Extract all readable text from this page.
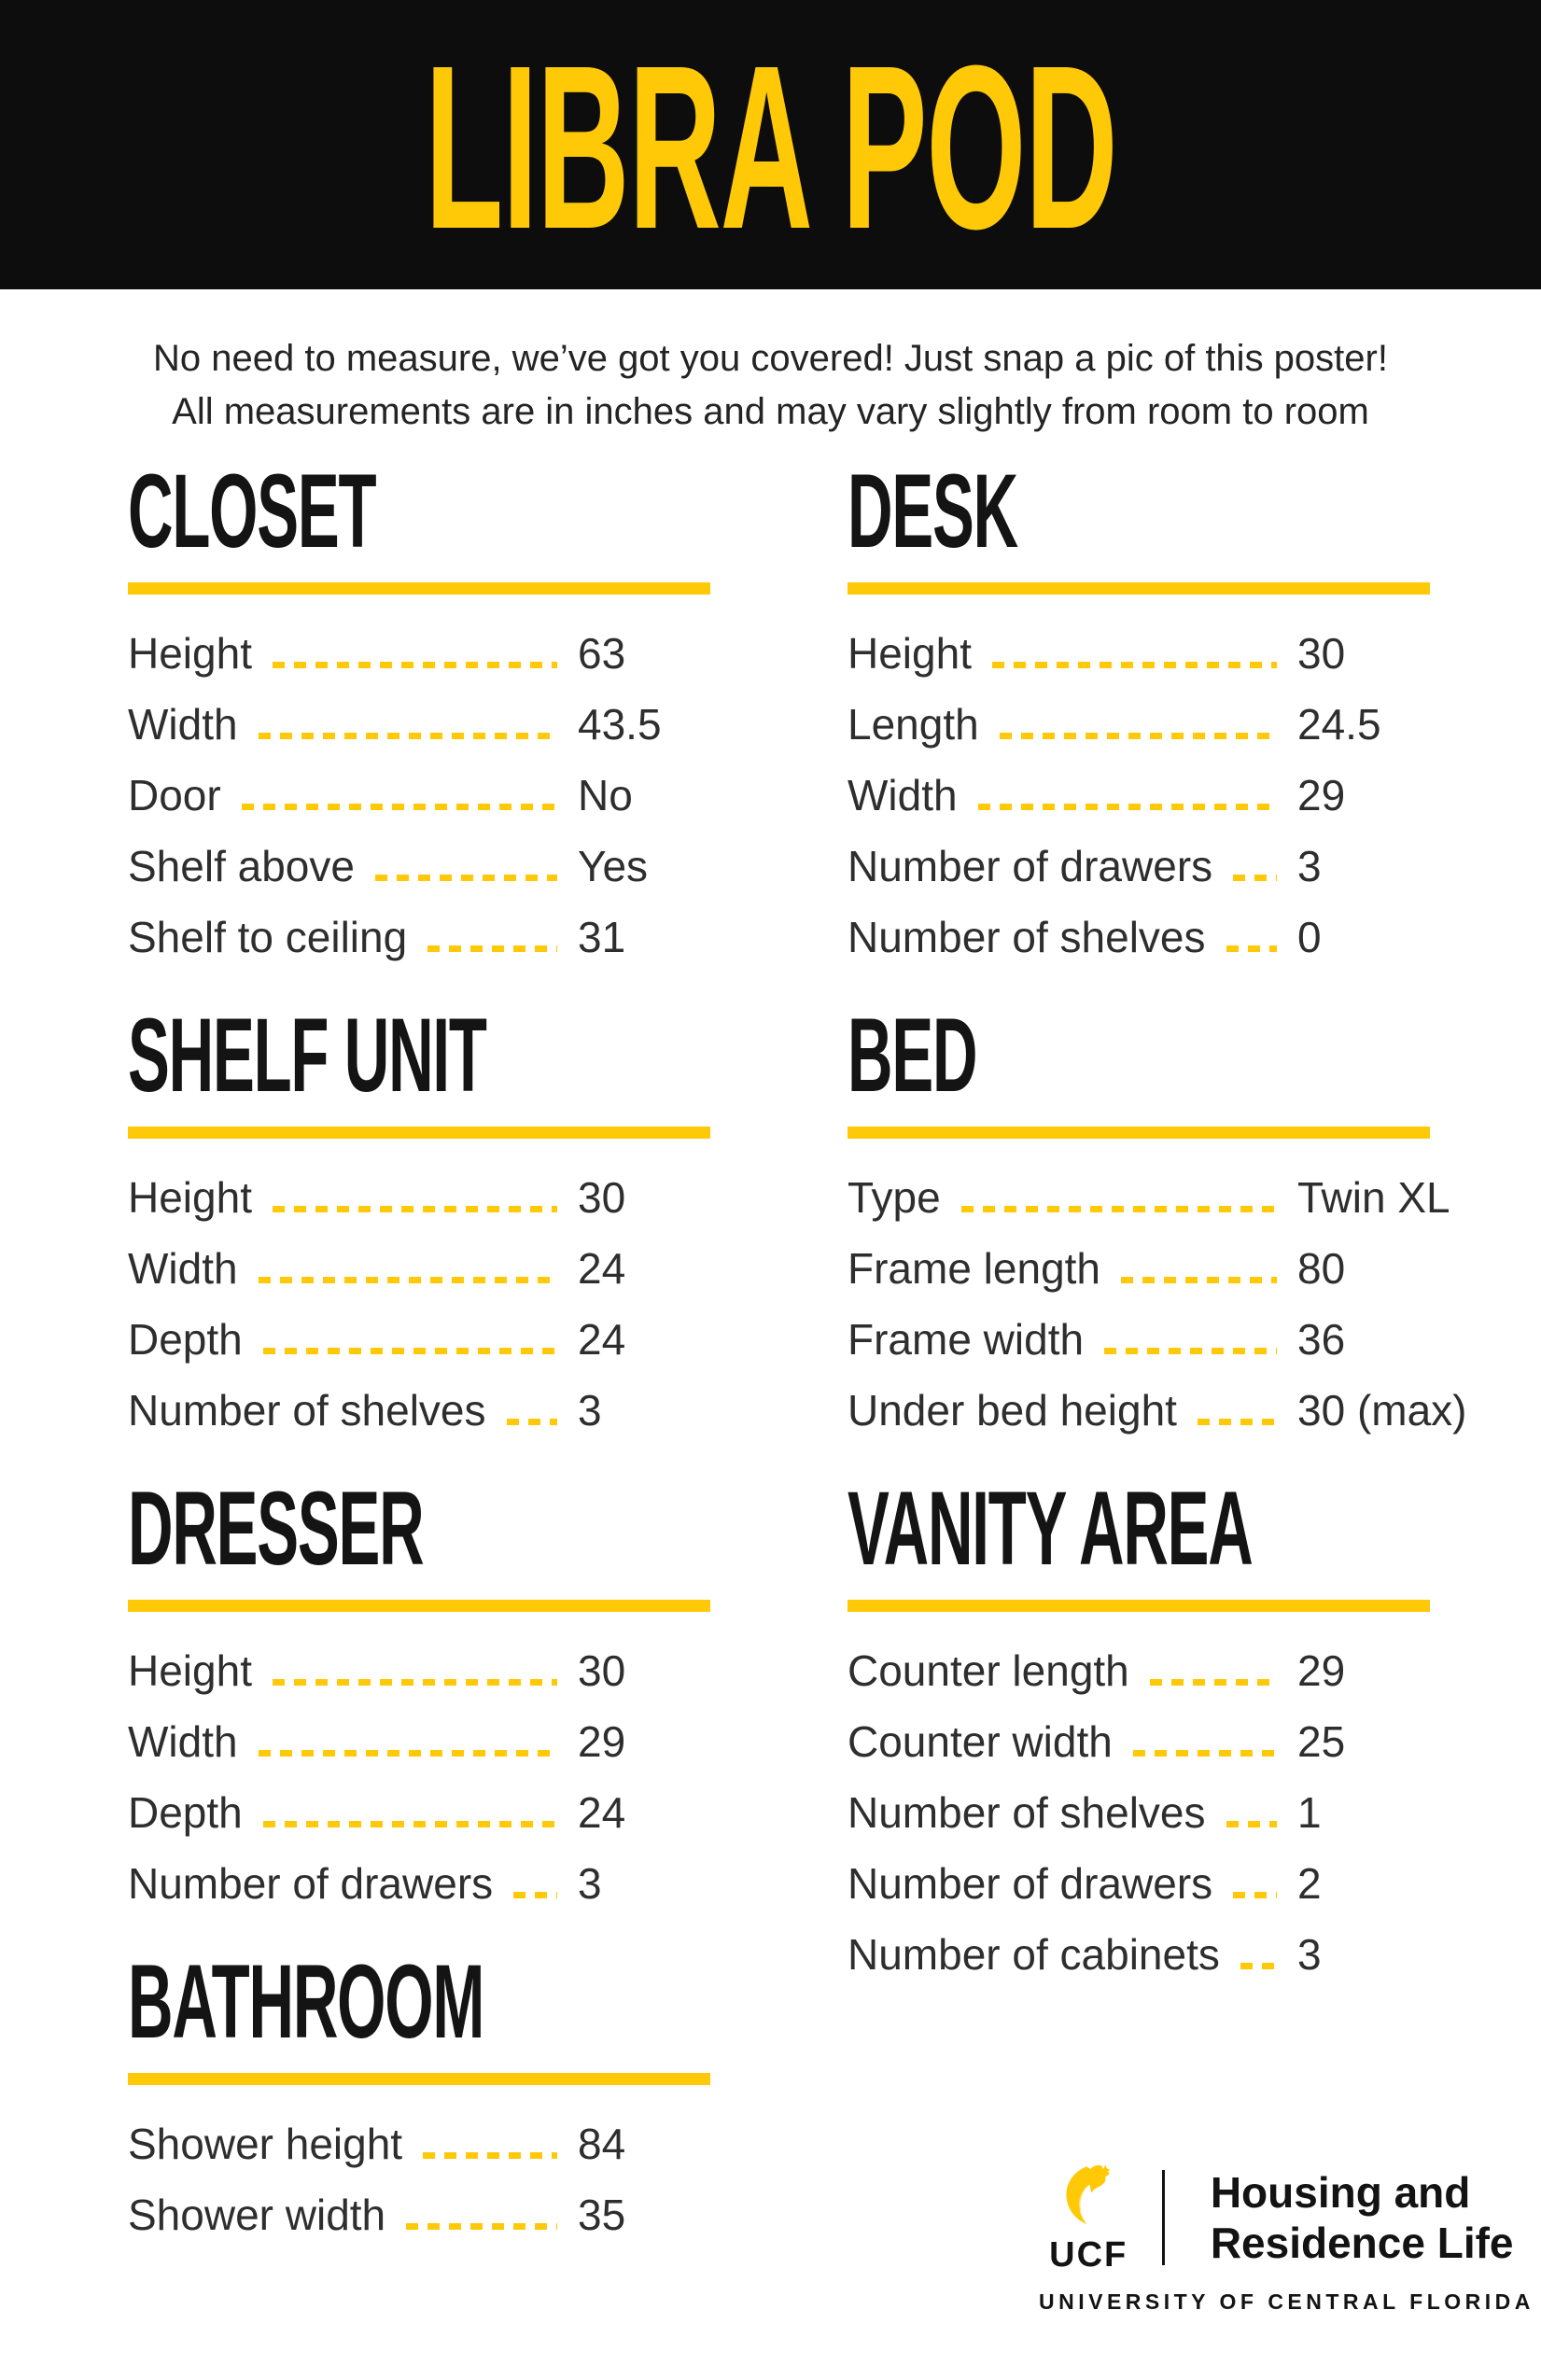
LIBRA POD
No need to measure, we’ve got you covered! Just snap a pic of this poster!
All measurements are in inches and may vary slightly from room to room
CLOSET
Height	63
Width	43.5
Door	No
Shelf above	Yes
Shelf to ceiling	31
SHELF UNIT
Height	30
Width	24
Depth	24
Number of shelves 3
DRESSER
Height	30
Width	29
Depth	24
Number of drawers 3
BATHROOM
Shower height	84
Shower width	35
DESK
Height	30
Length	24.5
Width	29
Number of drawers 3
Number of shelves 0
BED
Type	Twin XL
Frame length	80
Frame width	36
Under bed height	30 (max)
VANITY AREA
Counter length	29
Counter width	25
Number of shelves 1
Number of drawers 2
Number of cabinets 3
UCF
Housing and
Residence Life
UNIVERSITY OF CENTRAL FLORIDA
